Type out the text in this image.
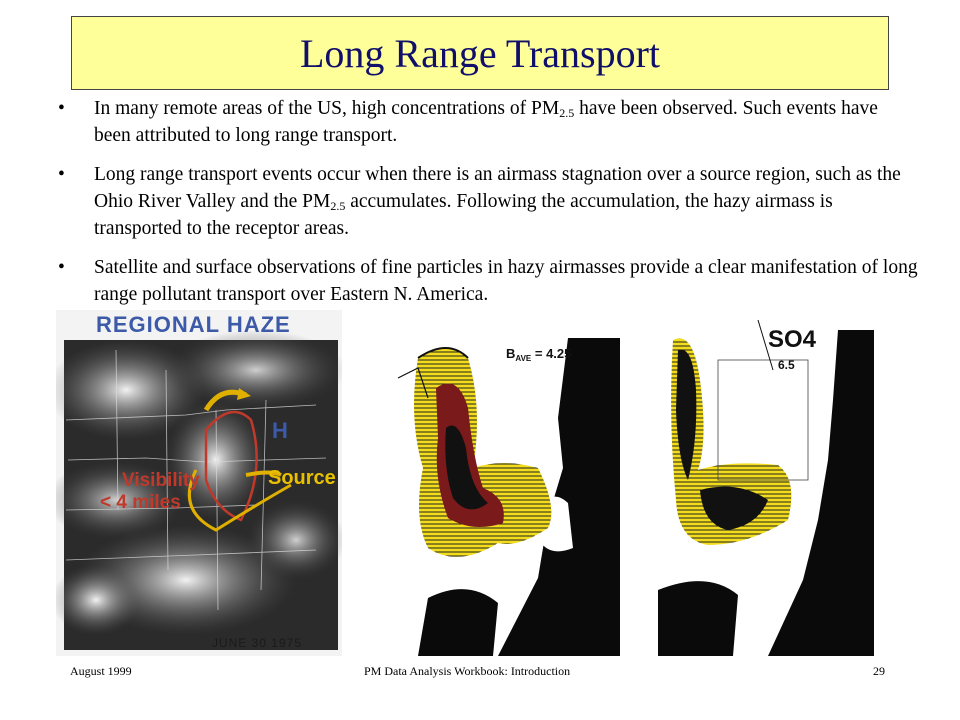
Long Range Transport
• In many remote areas of the US, high concentrations of $PM_{2.5}$ have been observed. Such events have been attributed to long range transport.
• Long range transport events occur when there is an airmass stagnation over a source region, such as the Ohio River Valley and the $PM_{2.5}$ accumulates. Following the accumulation, the hazy airmass is transported to the receptor areas.
• Satellite and surface observations of fine particles in hazy airmasses provide a clear manifestation of long range pollutant transport over Eastern N. America.
REGIONAL HAZE
H
Source
Visibility
< 4 miles
JUNE 30 1975
$B_{AVE} = 4.25$
SO4
6.5
August 1999	PM Data Analysis Workbook: Introduction	29
